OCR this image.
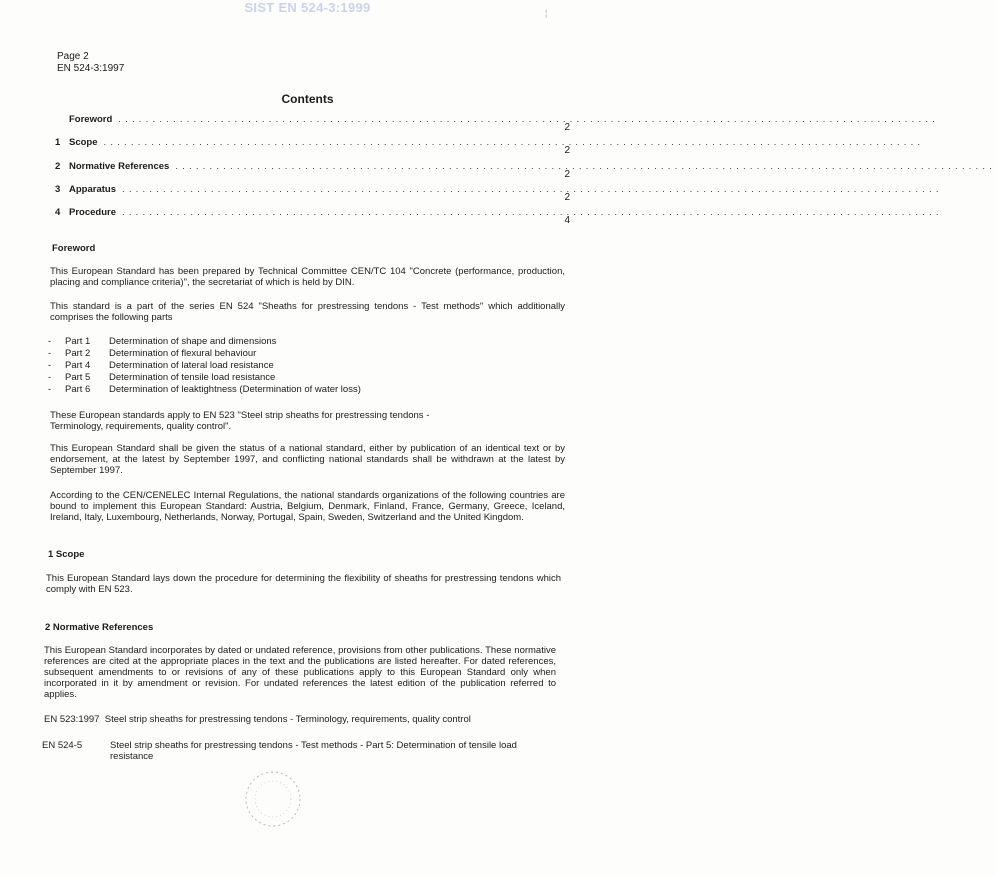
SIST EN 524-3:1999	¦
Page 2
EN 524-3:1997
Contents
Foreword ........................................................................................................................
2
1 Scope ........................................................................................................................
2
2 Normative References ........................................................................................................................
2
3 Apparatus ........................................................................................................................
2
4 Procedure ........................................................................................................................
4
Foreword
This European Standard has been prepared by Technical Committee CEN/TC 104 "Concrete (performance, production, placing and compliance criteria)", the secretariat of which is held by DIN.
This standard is a part of the series EN 524 "Sheaths for prestressing tendons - Test methods" which additionally comprises the following parts
- Part 1 Determination of shape and dimensions
- Part 2 Determination of flexural behaviour
- Part 4 Determination of lateral load resistance
- Part 5 Determination of tensile load resistance
- Part 6 Determination of leaktightness (Determination of water loss)
These European standards apply to EN 523 "Steel strip sheaths for prestressing tendons - Terminology, requirements, quality control".
This European Standard shall be given the status of a national standard, either by publication of an identical text or by endorsement, at the latest by September 1997, and conflicting national standards shall be withdrawn at the latest by September 1997.
According to the CEN/CENELEC Internal Regulations, the national standards organizations of the following countries are bound to implement this European Standard: Austria, Belgium, Denmark, Finland, France, Germany, Greece, Iceland, Ireland, Italy, Luxembourg, Netherlands, Norway, Portugal, Spain, Sweden, Switzerland and the United Kingdom.
1 Scope
This European Standard lays down the procedure for determining the flexibility of sheaths for prestressing tendons which comply with EN 523.
2 Normative References
This European Standard incorporates by dated or undated reference, provisions from other publications. These normative references are cited at the appropriate places in the text and the publications are listed hereafter. For dated references, subsequent amendments to or revisions of any of these publications apply to this European Standard only when incorporated in it by amendment or revision. For undated references the latest edition of the publication referred to applies.
EN 523:1997 Steel strip sheaths for prestressing tendons - Terminology, requirements, quality control
EN 524-5	Steel strip sheaths for prestressing tendons - Test methods - Part 5: Determination of tensile load resistance
